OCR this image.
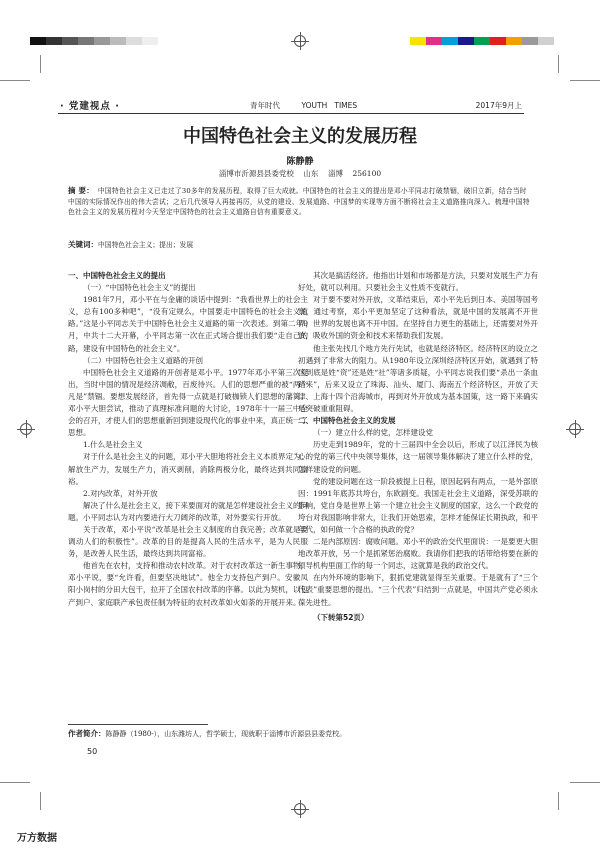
· 党建视点 ·	青年时代         YOUTH   TIMES	2017年9月上
中国特色社会主义的发展历程
陈静静
淄博市沂源县县委党校    山东    淄博    256100
摘 要： 中国特色社会主义已走过了30多年的发展历程，取得了巨大成就。中国特色的社会主义的提出是邓小平同志打破禁锢，破旧立新，结合当时中国的实际情况作出的伟大尝试；之后几代领导人再接再厉，从党的建设、发展道路、中国梦的实现等方面不断将社会主义道路推向深入。梳理中国特色社会主义的发展历程对今天坚定中国特色的社会主义道路自信有重要意义。
关键词：中国特色社会主义；提出；发展

一、中国特色社会主义的提出

（一）“中国特色社会主义”的提出

1981年7月，邓小平在与金庸的谈话中提到：“我看世界上的社会主义，总有100多种吧”，“没有定规么，中国要走中国特色的社会主义道路。”这是小平同志关于中国特色社会主义道路的第一次表述。到第二年9月，中共十二大开幕，小平同志第一次在正式场合提出我们要“走自己的路，建设有中国特色的社会主义”。

（二）中国特色社会主义道路的开创

中国特色社会主义道路的开创者是邓小平。1977年邓小平第三次复出，当时中国的情况是经济凋敝，百废待兴。人们的思想严重的被“两个凡是”禁锢。要想发展经济，首先得一点就是打破枷锁人们思想的藩篱。邓小平大胆尝试，推动了真理标准问题的大讨论，1978年十一届三中全会的召开，才使人们的思想重新回到建设现代化的事业中来，真正统一了思想。

1.什么是社会主义

对于什么是社会主义的问题，邓小平大胆地将社会主义本质界定为：解放生产力，发展生产力，消灭剥削，消除两极分化，最终达到共同富裕。

2.对内改革，对外开放

解决了什么是社会主义，接下来要面对的就是怎样建设社会主义的问题。小平同志认为对内要进行大刀阔斧的改革，对外要实行开放。

关于改革，邓小平说“改革是社会主义制度的自我完善；改革就是要调动人们的积极性”。改革的目的是提高人民的生活水平，是为人民服务，是改善人民生活，最终达到共同富裕。

他首先在农村，支持和推动农村改革。对于农村改革这一新生事物，邓小平说，要“允许看，但要坚决地试”。他全力支持包产到户。安徽凤阳小岗村的分田大包干，拉开了全国农村改革的序幕。以此为契机，以包产到户、家庭联产承包责任制为特征的农村改革如火如荼的开展开来。

其次是搞活经济。他指出计划和市场都是方法，只要对发展生产力有好处，就可以利用。只要社会主义性质不变就行。

对于要不要对外开放，文革结束后，邓小平先后到日本、美国等国考察，通过考察，邓小平更加坚定了这种看法，就是中国的发展离不开世界，世界的发展也离不开中国。在坚持自力更生的基础上，还需要对外开放，吸收外国的资金和技术来帮助我们发展。

他主张先找几个地方先行先试，也就是经济特区。经济特区的设立之初遇到了非常大的阻力。从1980年设立深圳经济特区开始，就遇到了特区到底是姓“资”还是姓“社”等诸多质疑，小平同志说我们要“杀出一条血路来”，后来又设立了珠海、汕头、厦门、海南五个经济特区，开放了天津、上海十四个沿海城市，再到对外开放成为基本国策，这一路下来确实是突破重重阻碍。

二、中国特色社会主义的发展

（一）建立什么样的党，怎样建设党

历史走到1989年，党的十三届四中全会以后，形成了以江泽民为核心的党的第三代中央领导集体，这一届领导集体解决了建立什么样的党，怎样建设党的问题。

党的建设问题在这一阶段被提上日程，原因起码有两点，一是外部原因：1991年底苏共垮台，东欧剧变。我国走社会主义道路，深受苏联的影响，党自身是世界上第一个建立社会主义制度的国家，这么一个政党的垮台对我国影响非常大，让我们开始思索，怎样才能保证长期执政，和平年代，如何做一个合格的执政的党？

二是内部原因：腐败问题。邓小平的政治交代里面说：一是要更大胆地改革开放，另一个是抓紧惩治腐败。我请你们把我的话带给将要在新的领导机构里面工作的每一个同志，这就算是我的政治交代。

在内外环境的影响下，狠抓党建就显得至关重要。于是就有了“三个代表”重要思想的提出。“三个代表”归结到一点就是，中国共产党必须永葆先进性。

（下转第52页）

作者简介：陈静静（1980-），山东潍坊人，哲学硕士，现就职于淄博市沂源县县委党校。
50
万方数据
